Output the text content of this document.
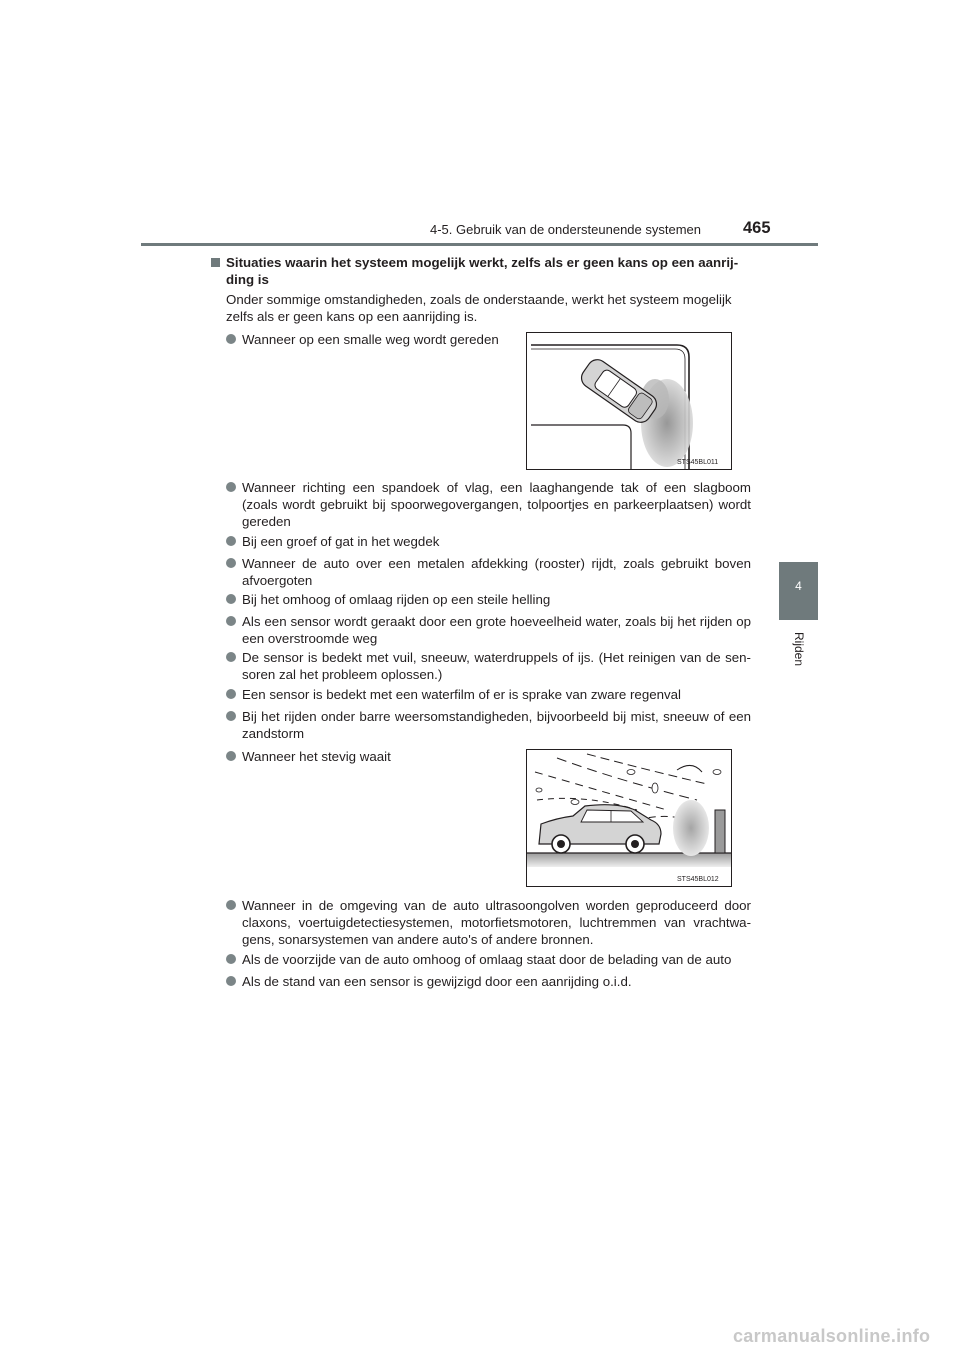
4-5. Gebruik van de ondersteunende systemen	465
4
Rijden
Situaties waarin het systeem mogelijk werkt, zelfs als er geen kans op een aanrij-
ding is
Onder sommige omstandigheden, zoals de onderstaande, werkt het systeem mogelijk
zelfs als er geen kans op een aanrijding is.
Wanneer op een smalle weg wordt gereden
STS45BL011
Wanneer richting een spandoek of vlag, een laaghangende tak of een slagboom (zoals wordt gebruikt bij spoorwegovergangen, tolpoortjes en parkeerplaatsen) wordt gereden
Bij een groef of gat in het wegdek
Wanneer de auto over een metalen afdekking (rooster) rijdt, zoals gebruikt boven afvoergoten
Bij het omhoog of omlaag rijden op een steile helling
Als een sensor wordt geraakt door een grote hoeveelheid water, zoals bij het rijden op een overstroomde weg
De sensor is bedekt met vuil, sneeuw, waterdruppels of ijs. (Het reinigen van de sen-soren zal het probleem oplossen.)
Een sensor is bedekt met een waterfilm of er is sprake van zware regenval
Bij het rijden onder barre weersomstandigheden, bijvoorbeeld bij mist, sneeuw of een zandstorm
Wanneer het stevig waait
STS45BL012
Wanneer in de omgeving van de auto ultrasoongolven worden geproduceerd door claxons, voertuigdetectiesystemen, motorfietsmotoren, luchtremmen van vrachtwa-gens, sonarsystemen van andere auto's of andere bronnen.
Als de voorzijde van de auto omhoog of omlaag staat door de belading van de auto
Als de stand van een sensor is gewijzigd door een aanrijding o.i.d.
carmanualsonline.info
